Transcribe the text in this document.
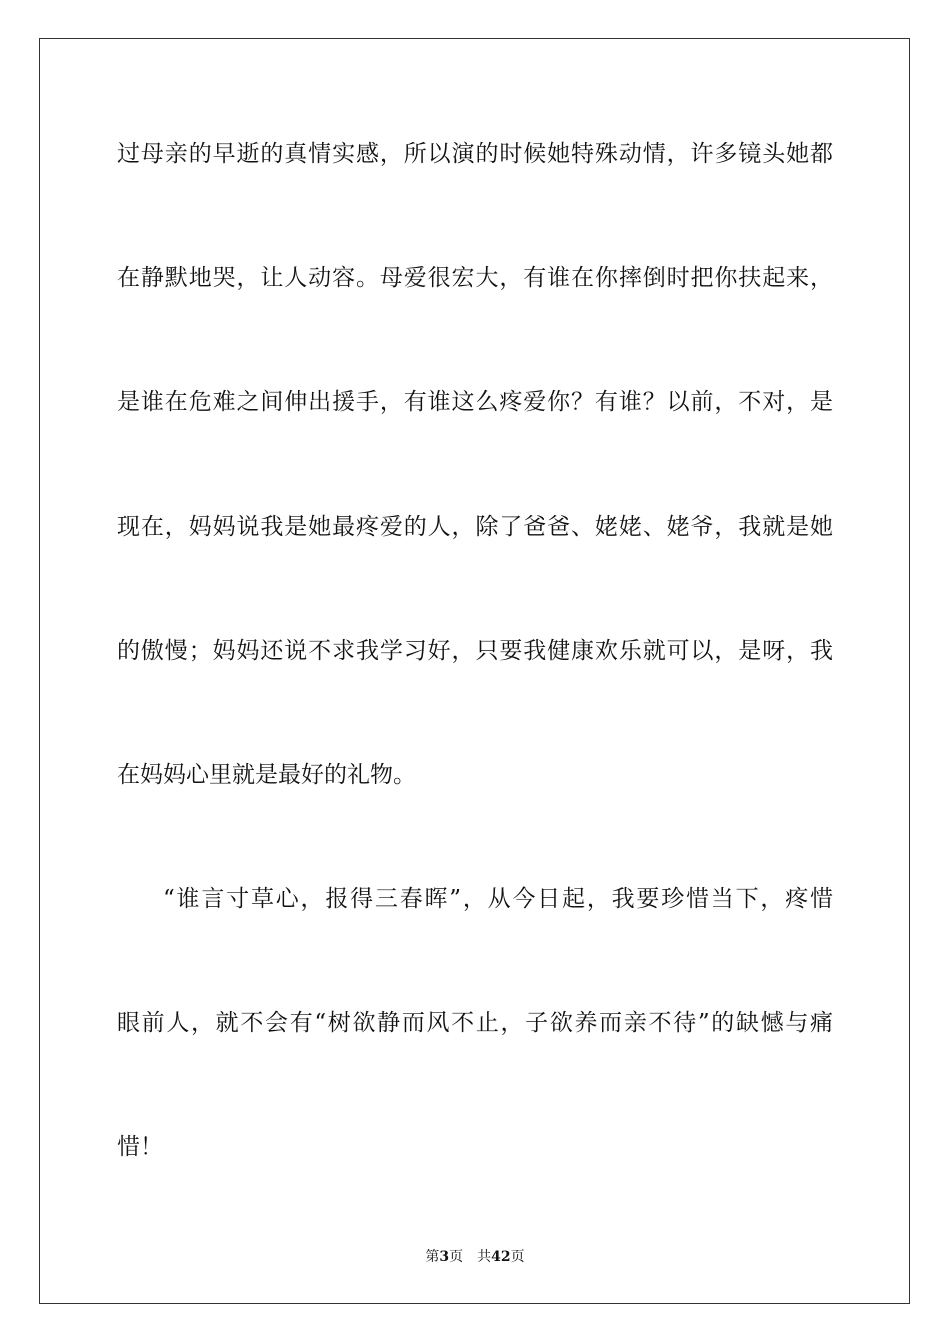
过母亲的早逝的真情实感，所以演的时候她特殊动情，许多镜头她都
在静默地哭，让人动容。母爱很宏大，有谁在你摔倒时把你扶起来，
是谁在危难之间伸出援手，有谁这么疼爱你？有谁？以前，不对，是
现在，妈妈说我是她最疼爱的人，除了爸爸、姥姥、姥爷，我就是她
的傲慢；妈妈还说不求我学习好，只要我健康欢乐就可以，是呀，我
在妈妈心里就是最好的礼物。
“谁言寸草心，报得三春晖”，从今日起，我要珍惜当下，疼惜
眼前人，就不会有“树欲静而风不止，子欲养而亲不待”的缺憾与痛
惜！
第3页 共42页
